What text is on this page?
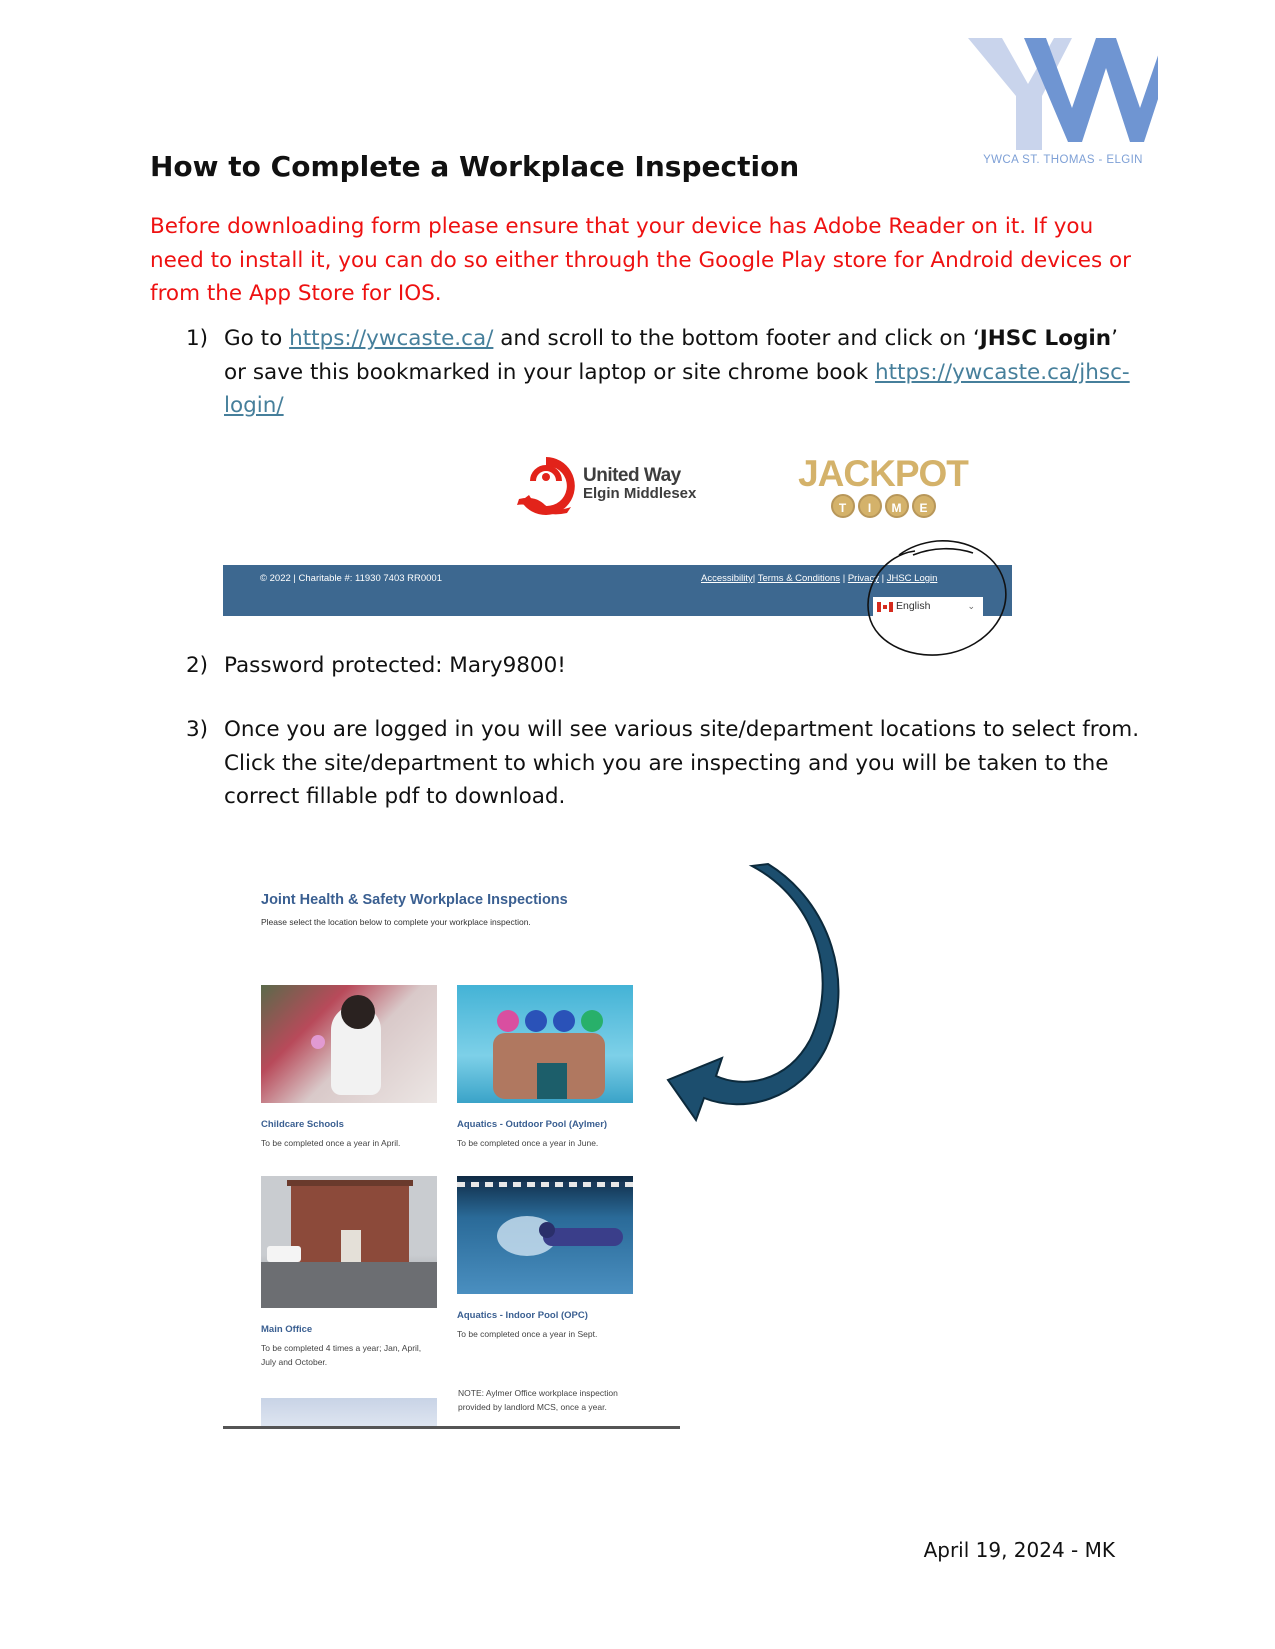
YWCA ST. THOMAS - ELGIN
How to Complete a Workplace Inspection
Before downloading form please ensure that your device has Adobe Reader on it. If you need to install it, you can do so either through the Google Play store for Android devices or from the App Store for IOS.
1) Go to https://ywcaste.ca/ and scroll to the bottom footer and click on ‘JHSC Login’ or save this bookmarked in your laptop or site chrome book https://ywcaste.ca/jhsc-login/
United Way
Elgin Middlesex	JACKPOT
T	I	M	E
© 2022 | Charitable #: 11930 7403 RR0001	Accessibility| Terms & Conditions | Privacy | JHSC Login
English	⌄
2) Password protected: Mary9800!
3) Once you are logged in you will see various site/department locations to select from. Click the site/department to which you are inspecting and you will be taken to the correct fillable pdf to download.
Joint Health & Safety Workplace Inspections
Please select the location below to complete your workplace inspection.
Childcare Schools
To be completed once a year in April.
Aquatics - Outdoor Pool (Aylmer)
To be completed once a year in June.
Main Office
To be completed 4 times a year; Jan, April, July and October.
Aquatics - Indoor Pool (OPC)
To be completed once a year in Sept.
NOTE: Aylmer Office workplace inspection provided by landlord MCS, once a year.
April 19, 2024 - MK
